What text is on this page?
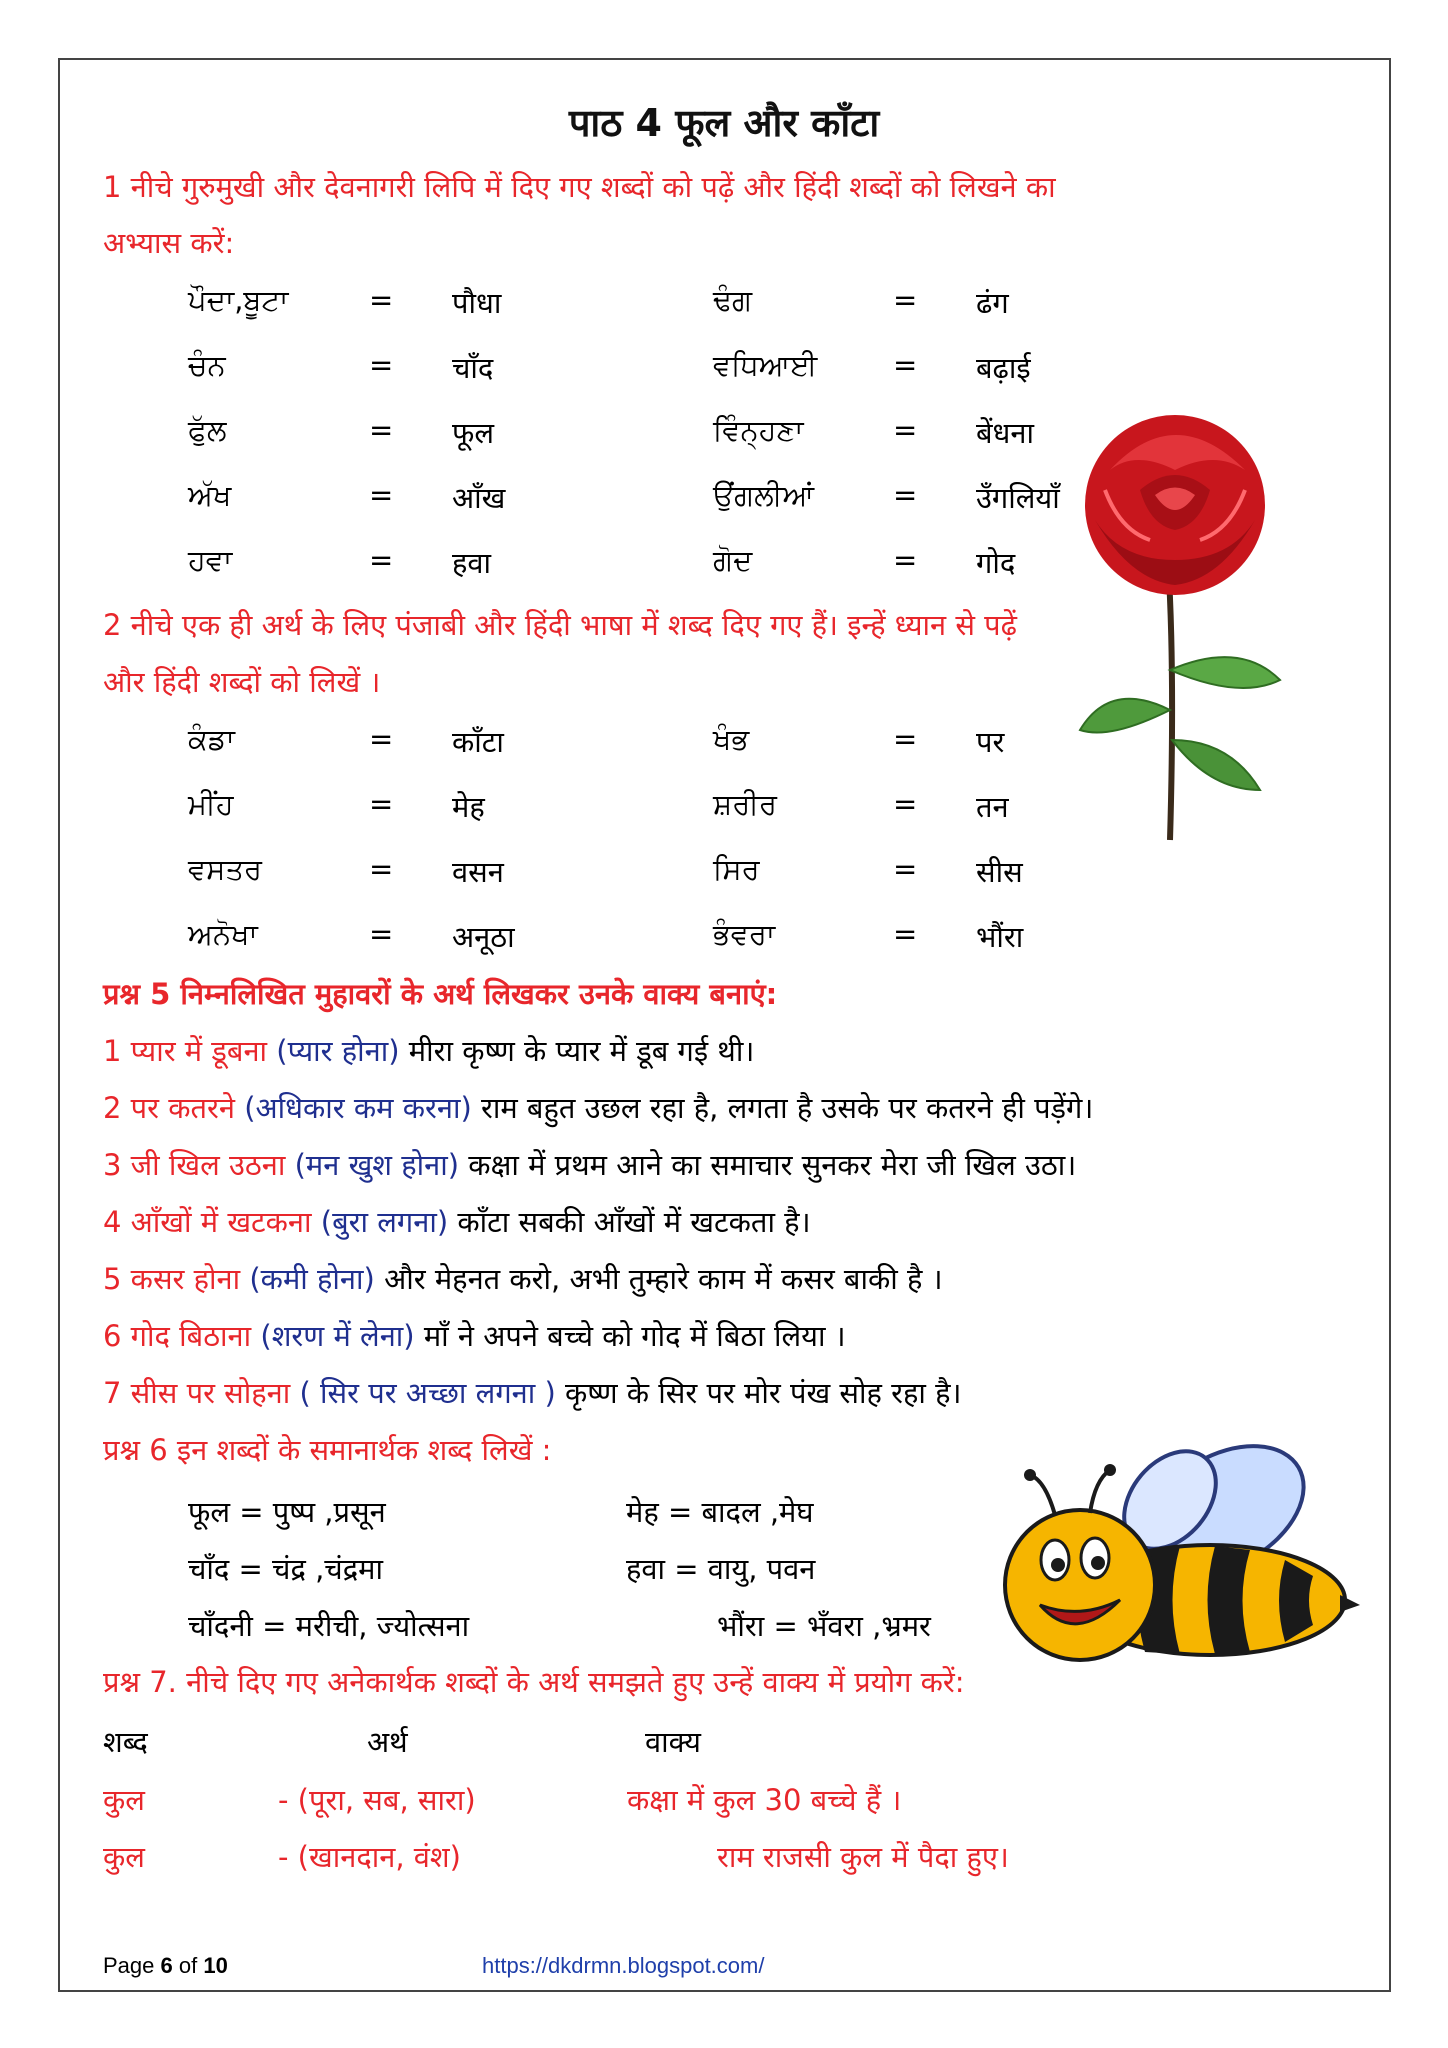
पाठ 4 फूल और काँटा
1 नीचे गुरुमुखी और देवनागरी लिपि में दिए गए शब्दों को पढ़ें और हिंदी शब्दों को लिखने का
अभ्यास करें:
ਪੌਦਾ,ਬੂਟਾ	= पौधा	ਢੰਗ	= ढंग
ਚੰਨ	= चाँद	ਵਧਿਆਈ	= बढ़ाई
ਫੁੱਲ	= फूल	ਵਿੰਨ੍ਹਣਾ	= बेंधना
ਅੱਖ	= आँख	ਉਂਗਲੀਆਂ	= उँगलियाँ
ਹਵਾ	= हवा	ਗੋਦ	= गोद
2 नीचे एक ही अर्थ के लिए पंजाबी और हिंदी भाषा में शब्द दिए गए हैं। इन्हें ध्यान से पढ़ें
और हिंदी शब्दों को लिखें ।
ਕੰਡਾ	= काँटा	ਖੰਭ	= पर
ਮੀਂਹ	= मेह	ਸ਼ਰੀਰ	= तन
ਵਸਤਰ	= वसन	ਸਿਰ	= सीस
ਅਨੋਖਾ	= अनूठा	ਭੰਵਰਾ	= भौंरा
प्रश्न 5 निम्नलिखित मुहावरों के अर्थ लिखकर उनके वाक्य बनाएं:
1 प्यार में डूबना (प्यार होना) मीरा कृष्ण के प्यार में डूब गई थी।
2 पर कतरने (अधिकार कम करना) राम बहुत उछल रहा है, लगता है उसके पर कतरने ही पड़ेंगे।
3 जी खिल उठना (मन खुश होना) कक्षा में प्रथम आने का समाचार सुनकर मेरा जी खिल उठा।
4 आँखों में खटकना (बुरा लगना) काँटा सबकी आँखों में खटकता है।
5 कसर होना (कमी होना) और मेहनत करो, अभी तुम्हारे काम में कसर बाकी है ।
6 गोद बिठाना (शरण में लेना) माँ ने अपने बच्चे को गोद में बिठा लिया ।
7 सीस पर सोहना ( सिर पर अच्छा लगना ) कृष्ण के सिर पर मोर पंख सोह रहा है।
प्रश्न 6 इन शब्दों के समानार्थक शब्द लिखें :
फूल = पुष्प ,प्रसून	मेह = बादल ,मेघ
चाँद = चंद्र ,चंद्रमा	हवा = वायु, पवन
चाँदनी = मरीची, ज्योत्सना	भौंरा = भँवरा ,भ्रमर
प्रश्न 7. नीचे दिए गए अनेकार्थक शब्दों के अर्थ समझते हुए उन्हें वाक्य में प्रयोग करें:
शब्द	अर्थ	वाक्य
कुल	- (पूरा, सब, सारा)	कक्षा में कुल 30 बच्चे हैं ।
कुल	- (खानदान, वंश)	राम राजसी कुल में पैदा हुए।
Page 6 of 10	https://dkdrmn.blogspot.com/
